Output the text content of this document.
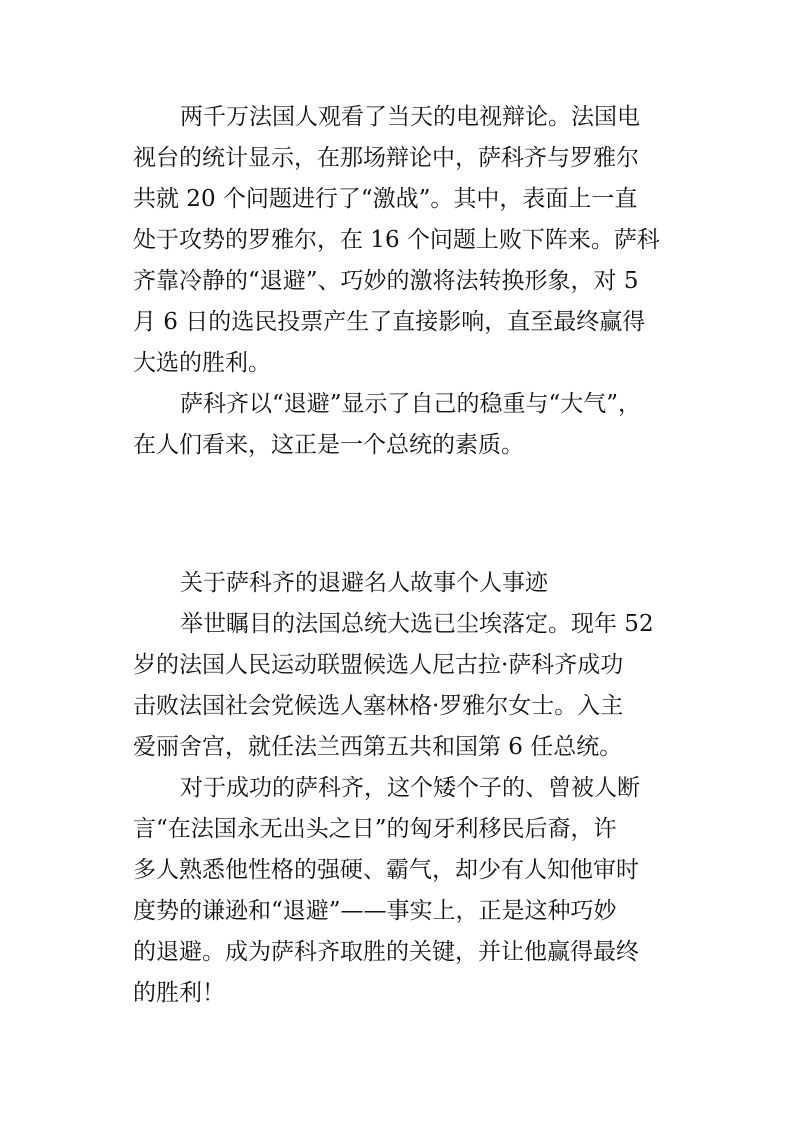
两千万法国人观看了当天的电视辩论。法国电
视台的统计显示，在那场辩论中，萨科齐与罗雅尔
共就 20 个问题进行了“激战”。其中，表面上一直
处于攻势的罗雅尔，在 16 个问题上败下阵来。萨科
齐靠冷静的“退避”、巧妙的激将法转换形象，对 5
月 6 日的选民投票产生了直接影响，直至最终赢得
大选的胜利。
萨科齐以“退避”显示了自己的稳重与“大气”，
在人们看来，这正是一个总统的素质。
关于萨科齐的退避名人故事个人事迹
举世瞩目的法国总统大选已尘埃落定。现年 52
岁的法国人民运动联盟候选人尼古拉·萨科齐成功
击败法国社会党候选人塞林格·罗雅尔女士。入主
爱丽舍宫，就任法兰西第五共和国第 6 任总统。
对于成功的萨科齐，这个矮个子的、曾被人断
言“在法国永无出头之日”的匈牙利移民后裔，许
多人熟悉他性格的强硬、霸气，却少有人知他审时
度势的谦逊和“退避”——事实上，正是这种巧妙
的退避。成为萨科齐取胜的关键，并让他赢得最终
的胜利！
